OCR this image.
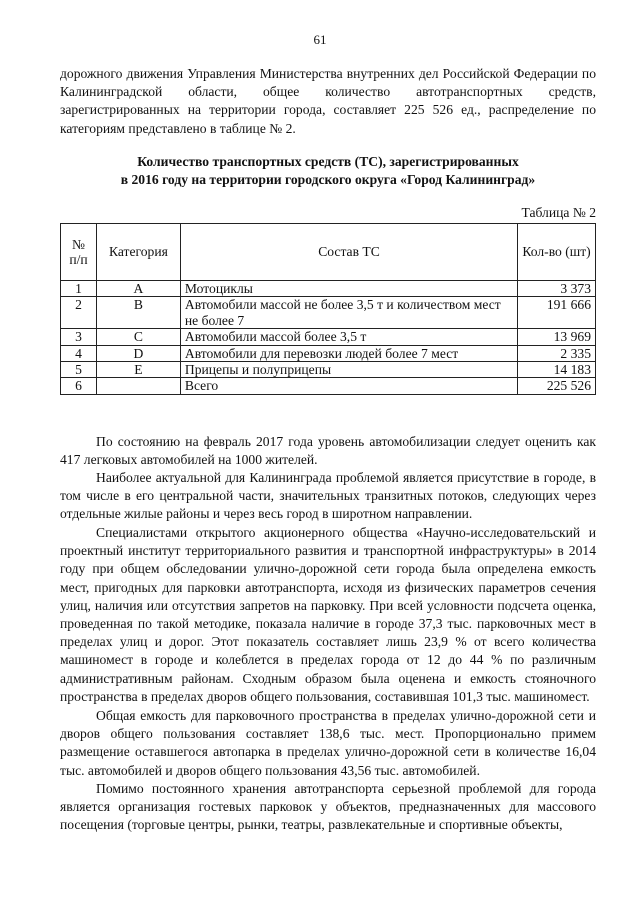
61

дорожного движения Управления Министерства внутренних дел Российской Федерации по Калининградской области, общее количество автотранспортных средств, зарегистрированных на территории города, составляет 225 526 ед., распределение по категориям представлено в таблице № 2.

Количество транспортных средств (ТС), зарегистрированных
в 2016 году на территории городского округа «Город Калининград»
Таблица № 2
№ п/п	Категория	Состав ТС	Кол-во (шт)
1	A	Мотоциклы	3 373
2	B	Автомобили массой не более 3,5 т и количеством мест не более 7	191 666
3	C	Автомобили массой более 3,5 т	13 969
4	D	Автомобили для перевозки людей более 7 мест	2 335
5	E	Прицепы и полуприцепы	14 183
6		Всего	225 526

По состоянию на февраль 2017 года уровень автомобилизации следует оценить как 417 легковых автомобилей на 1000 жителей.

Наиболее актуальной для Калининграда проблемой является присутствие в городе, в том числе в его центральной части, значительных транзитных потоков, следующих через отдельные жилые районы и через весь город в широтном направлении.

Специалистами открытого акционерного общества «Научно-исследовательский и проектный институт территориального развития и транспортной инфраструктуры» в 2014 году при общем обследовании улично-дорожной сети города была определена емкость мест, пригодных для парковки автотранспорта, исходя из физических параметров сечения улиц, наличия или отсутствия запретов на парковку. При всей условности подсчета оценка, проведенная по такой методике, показала наличие в городе 37,3 тыс. парковочных мест в пределах улиц и дорог. Этот показатель составляет лишь 23,9 % от всего количества машиномест в городе и колеблется в пределах города от 12 до 44 % по различным административным районам. Сходным образом была оценена и емкость стояночного пространства в пределах дворов общего пользования, составившая 101,3 тыс. машиномест.

Общая емкость для парковочного пространства в пределах улично-дорожной сети и дворов общего пользования составляет 138,6 тыс. мест. Пропорционально примем размещение оставшегося автопарка в пределах улично-дорожной сети в количестве 16,04 тыс. автомобилей и дворов общего пользования 43,56 тыс. автомобилей.

Помимо постоянного хранения автотранспорта серьезной проблемой для города является организация гостевых парковок у объектов, предназначенных для массового посещения (торговые центры, рынки, театры, развлекательные и спортивные объекты,
